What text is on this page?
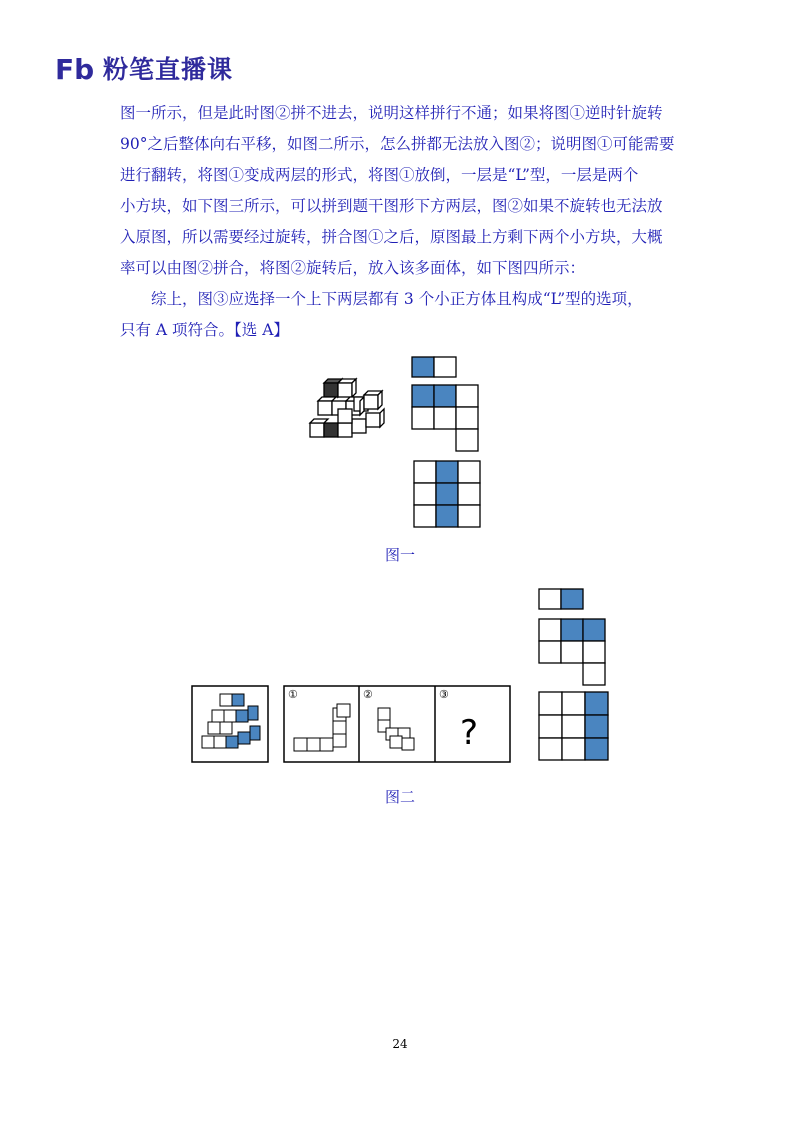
Fb 粉笔直播课

图一所示，但是此时图②拼不进去，说明这样拼行不通；如果将图①逆时针旋转

90°之后整体向右平移，如图二所示，怎么拼都无法放入图②；说明图①可能需要

进行翻转，将图①变成两层的形式，将图①放倒，一层是“L”型，一层是两个

小方块，如下图三所示，可以拼到题干图形下方两层，图②如果不旋转也无法放

入原图，所以需要经过旋转，拼合图①之后，原图最上方剩下两个小方块，大概

率可以由图②拼合，将图②旋转后，放入该多面体，如下图四所示：

　　综上，图③应选择一个上下两层都有 3 个小正方体且构成“L”型的选项，

只有 A 项符合。【选 A】

图一
①	②	③
?
图二
24
